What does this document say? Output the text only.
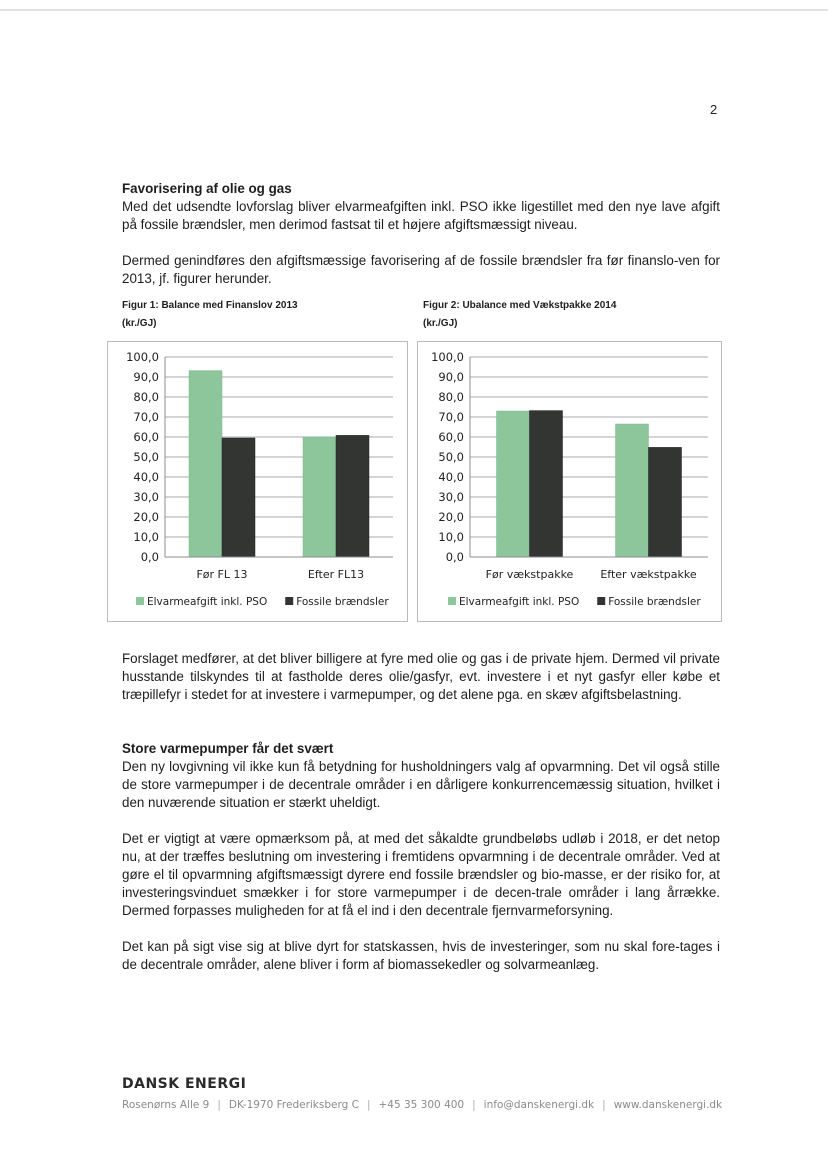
2
Favorisering af olie og gas

Med det udsendte lovforslag bliver elvarmeafgiften inkl. PSO ikke ligestillet med den nye lave afgift på fossile brændsler, men derimod fastsat til et højere afgiftsmæssigt niveau.

Dermed genindføres den afgiftsmæssige favorisering af de fossile brændsler fra før finanslo-ven for 2013, jf. figurer herunder.

Figur 1: Balance med Finanslov 2013
(kr./GJ)
Figur 2: Ubalance med Vækstpakke 2014
(kr./GJ)
0,0
10,0
20,0
30,0
40,0
50,0
60,0
70,0
80,0
90,0
100,0
Før FL 13	Efter FL13
Elvarmeafgift inkl. PSO	Fossile brændsler
0,0
10,0
20,0
30,0
40,0
50,0
60,0
70,0
80,0
90,0
100,0
Før vækstpakke Efter vækstpakke
Elvarmeafgift inkl. PSO	Fossile brændsler

Forslaget medfører, at det bliver billigere at fyre med olie og gas i de private hjem. Dermed vil private husstande tilskyndes til at fastholde deres olie/gasfyr, evt. investere i et nyt gasfyr eller købe et træpillefyr i stedet for at investere i varmepumper, og det alene pga. en skæv afgiftsbelastning.

Store varmepumper får det svært

Den ny lovgivning vil ikke kun få betydning for husholdningers valg af opvarmning. Det vil også stille de store varmepumper i de decentrale områder i en dårligere konkurrencemæssig situation, hvilket i den nuværende situation er stærkt uheldigt.

Det er vigtigt at være opmærksom på, at med det såkaldte grundbeløbs udløb i 2018, er det netop nu, at der træffes beslutning om investering i fremtidens opvarmning i de decentrale områder. Ved at gøre el til opvarmning afgiftsmæssigt dyrere end fossile brændsler og bio-masse, er der risiko for, at investeringsvinduet smækker i for store varmepumper i de decen-trale områder i lang årrække. Dermed forpasses muligheden for at få el ind i den decentrale fjernvarmeforsyning.

Det kan på sigt vise sig at blive dyrt for statskassen, hvis de investeringer, som nu skal fore-tages i de decentrale områder, alene bliver i form af biomassekedler og solvarmeanlæg.

DANSK ENERGI
Rosenørns Alle 9 | DK-1970 Frederiksberg C | +45 35 300 400 | info@danskenergi.dk | www.danskenergi.dk
